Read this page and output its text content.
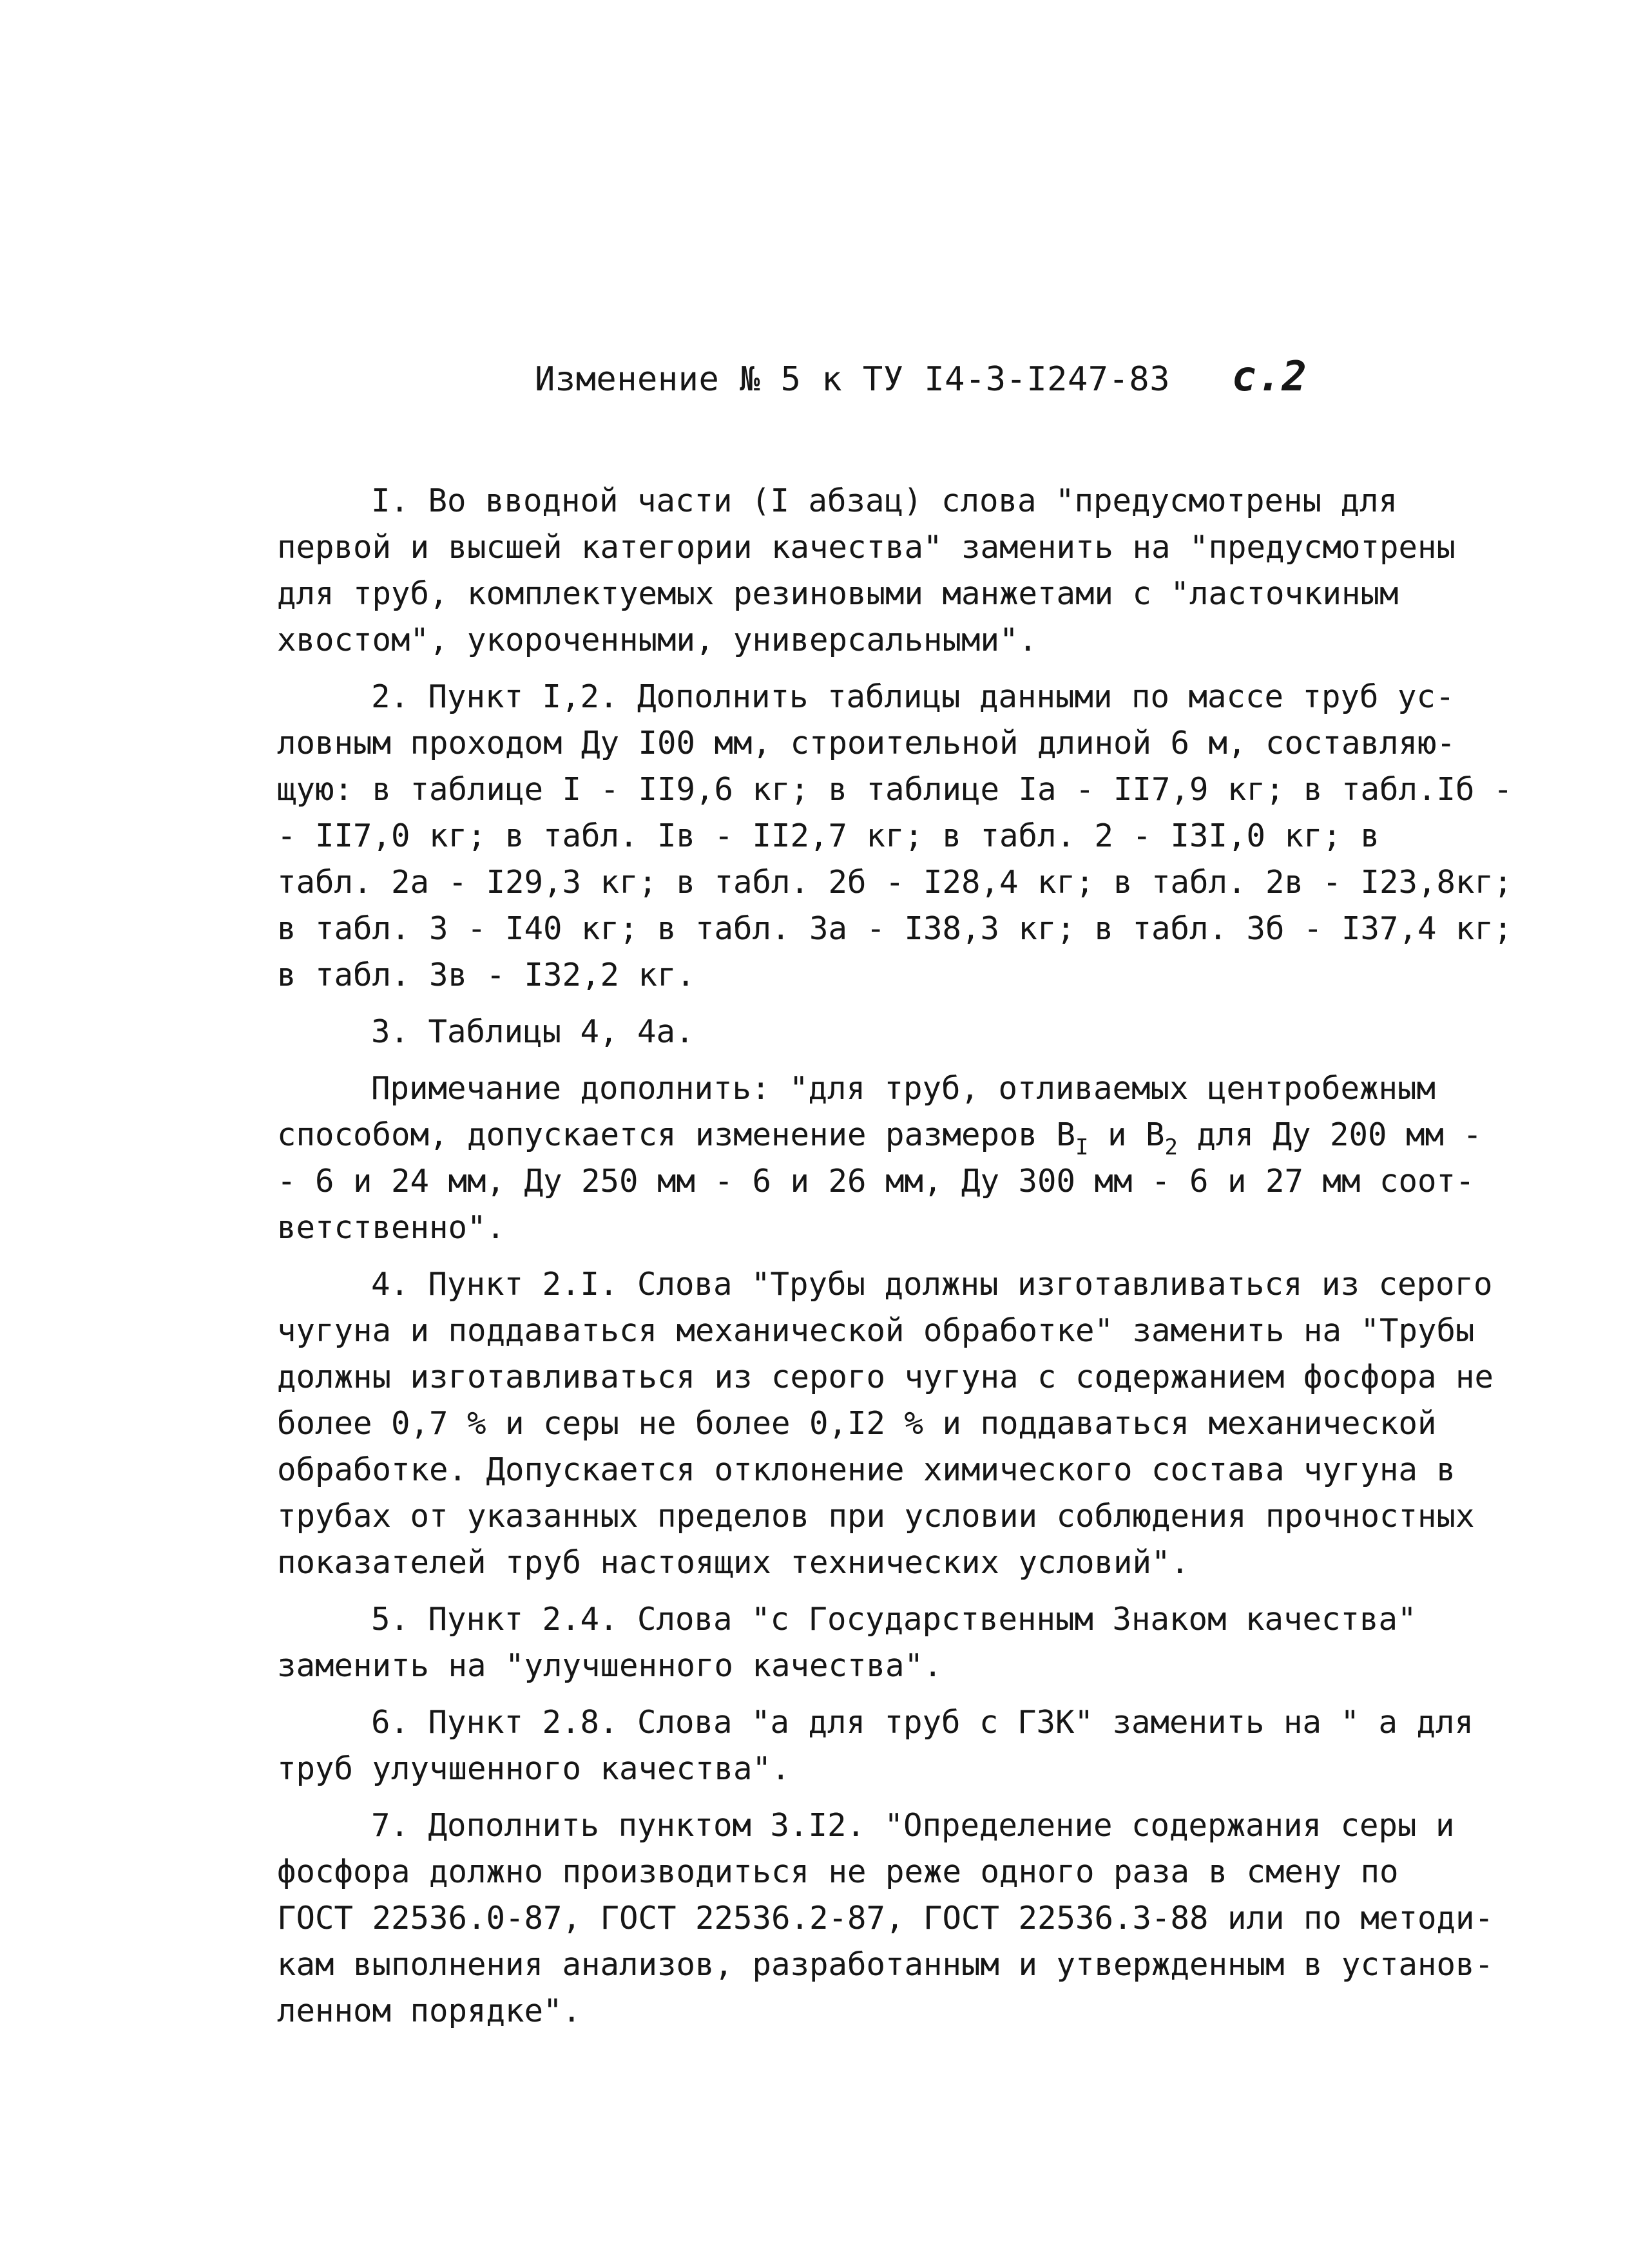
Изменение № 5 к ТУ I4-3-I247-83 с.2
I. Во вводной части (I абзац) слова "предусмотрены для
первой и высшей категории качества" заменить на "предусмотрены
для труб, комплектуемых резиновыми манжетами с "ласточкиным
хвостом", укороченными, универсальными".
2. Пункт I,2. Дополнить таблицы данными по массе труб ус-
ловным проходом Ду I00 мм, строительной длиной 6 м, составляю-
щую: в таблице I - II9,6 кг; в таблице Iа - II7,9 кг; в табл.Iб -
- II7,0 кг; в табл. Iв - II2,7 кг; в табл. 2 - I3I,0 кг; в
табл. 2а - I29,3 кг; в табл. 2б - I28,4 кг; в табл. 2в - I23,8кг;
в табл. 3 - I40 кг; в табл. 3а - I38,3 кг; в табл. 3б - I37,4 кг;
в табл. 3в - I32,2 кг.
3. Таблицы 4, 4а.
Примечание дополнить: "для труб, отливаемых центробежным
способом, допускается изменение размеров $B_I$ и $B_2$ для Ду 200 мм -
- 6 и 24 мм, Ду 250 мм - 6 и 26 мм, Ду 300 мм - 6 и 27 мм соот-
ветственно".
4. Пункт 2.I. Слова "Трубы должны изготавливаться из серого
чугуна и поддаваться механической обработке" заменить на "Трубы
должны изготавливаться из серого чугуна с содержанием фосфора не
более 0,7 % и серы не более 0,I2 % и поддаваться механической
обработке. Допускается отклонение химического состава чугуна в
трубах от указанных пределов при условии соблюдения прочностных
показателей труб настоящих технических условий".
5. Пункт 2.4. Слова "с Государственным Знаком качества"
заменить на "улучшенного качества".
6. Пункт 2.8. Слова "а для труб с ГЗК" заменить на " а для
труб улучшенного качества".
7. Дополнить пунктом 3.I2. "Определение содержания серы и
фосфора должно производиться не реже одного раза в смену по
ГОСТ 22536.0-87, ГОСТ 22536.2-87, ГОСТ 22536.3-88 или по методи-
кам выполнения анализов, разработанным и утвержденным в установ-
ленном порядке".
